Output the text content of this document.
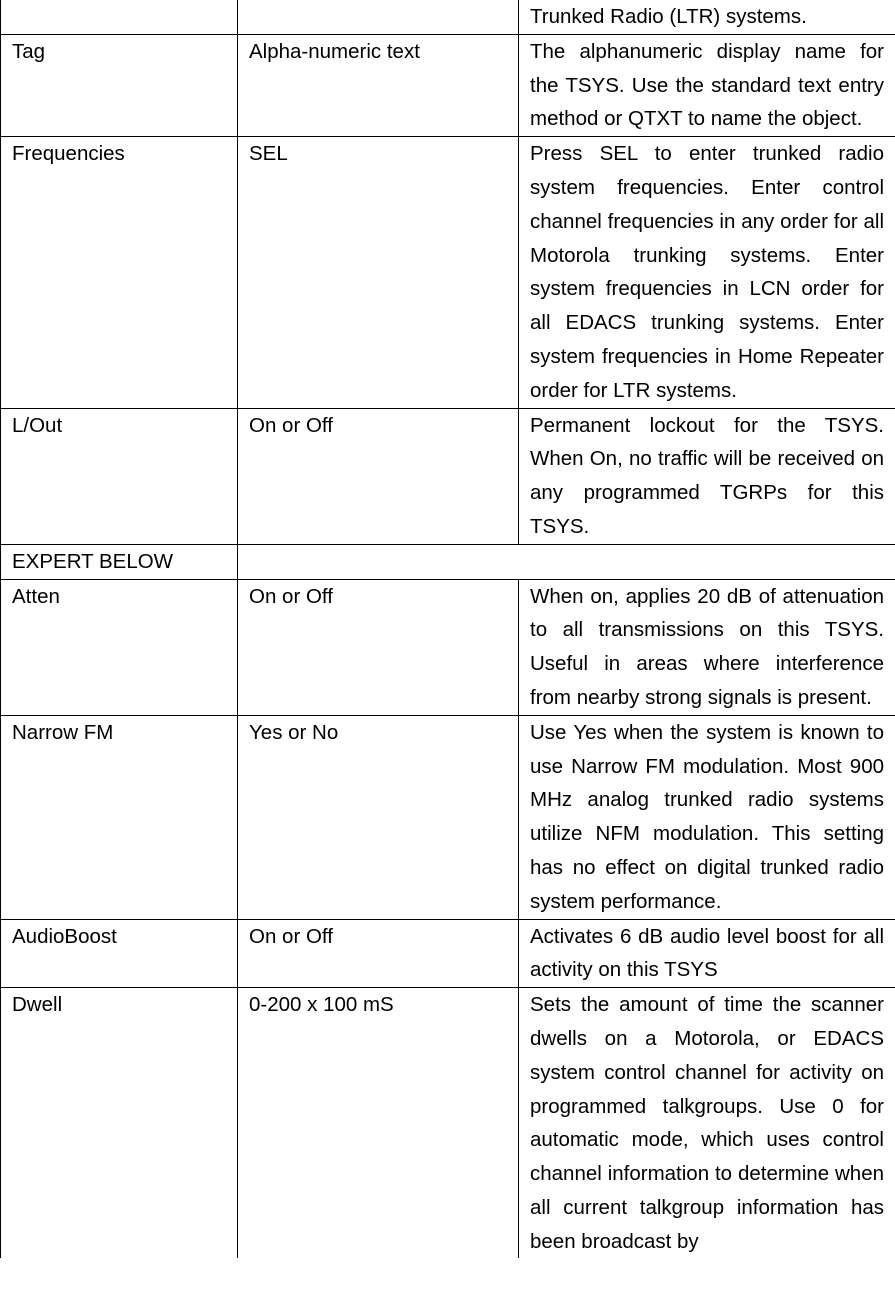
		Trunked Radio (LTR) systems.
Tag	Alpha-numeric text	The alphanumeric display name for the TSYS. Use the standard text entry method or QTXT to name the object.
Frequencies	SEL	Press SEL to enter trunked radio system frequencies. Enter control channel frequencies in any order for all Motorola trunking systems. Enter system frequencies in LCN order for all EDACS trunking systems. Enter system frequencies in Home Repeater order for LTR systems.
L/Out	On or Off	Permanent lockout for the TSYS. When On, no traffic will be received on any programmed TGRPs for this TSYS.
EXPERT BELOW		
Atten	On or Off	When on, applies 20 dB of attenuation to all transmissions on this TSYS. Useful in areas where interference from nearby strong signals is present.
Narrow FM	Yes or No	Use Yes when the system is known to use Narrow FM modulation. Most 900 MHz analog trunked radio systems utilize NFM modulation. This setting has no effect on digital trunked radio system performance.
AudioBoost	On or Off	Activates 6 dB audio level boost for all activity on this TSYS
Dwell	0-200 x 100 mS	Sets the amount of time the scanner dwells on a Motorola, or EDACS system control channel for activity on programmed talkgroups. Use 0 for automatic mode, which uses control channel information to determine when all current talkgroup information has been broadcast by
